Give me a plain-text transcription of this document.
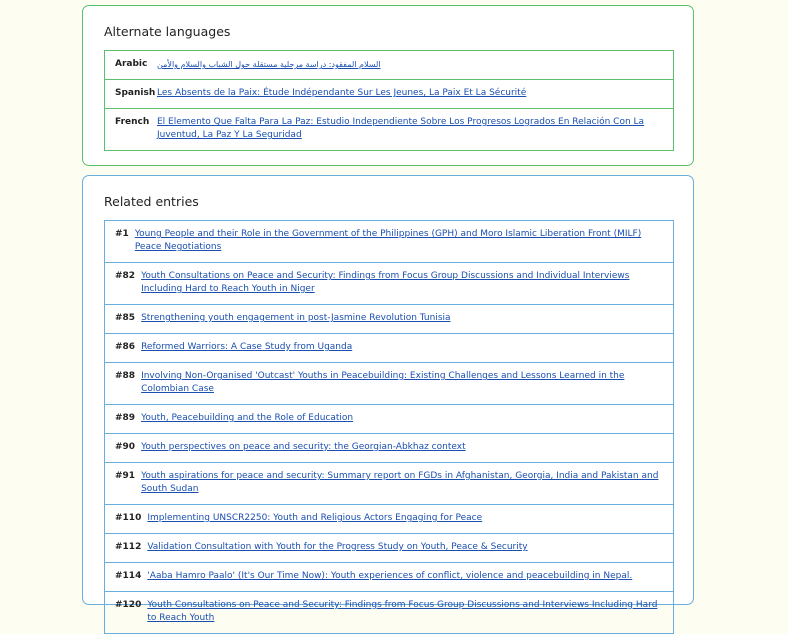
Alternate languages
Arabic	السلام المفقود: دراسة مرحلية مستقلة حول الشباب والسلام والأمن
Spanish Les Absents de la Paix: Étude Indépendante Sur Les Jeunes, La Paix Et La Sécurité
French El Elemento Que Falta Para La Paz: Estudio Independiente Sobre Los Progresos Logrados En Relación Con La Juventud, La Paz Y La Seguridad
Related entries
#1 Young People and their Role in the Government of the Philippines (GPH) and Moro Islamic Liberation Front (MILF) Peace Negotiations
#82 Youth Consultations on Peace and Security: Findings from Focus Group Discussions and Individual Interviews Including Hard to Reach Youth in Niger
#85 Strengthening youth engagement in post-Jasmine Revolution Tunisia
#86 Reformed Warriors: A Case Study from Uganda
#88 Involving Non-Organised 'Outcast' Youths in Peacebuilding: Existing Challenges and Lessons Learned in the Colombian Case
#89 Youth, Peacebuilding and the Role of Education
#90 Youth perspectives on peace and security: the Georgian-Abkhaz context
#91 Youth aspirations for peace and security: Summary report on FGDs in Afghanistan, Georgia, India and Pakistan and South Sudan
#110 Implementing UNSCR2250: Youth and Religious Actors Engaging for Peace
#112 Validation Consultation with Youth for the Progress Study on Youth, Peace & Security
#114 'Aaba Hamro Paalo' (It's Our Time Now): Youth experiences of conflict, violence and peacebuilding in Nepal.
#120 Youth Consultations on Peace and Security: Findings from Focus Group Discussions and Interviews Including Hard to Reach Youth
